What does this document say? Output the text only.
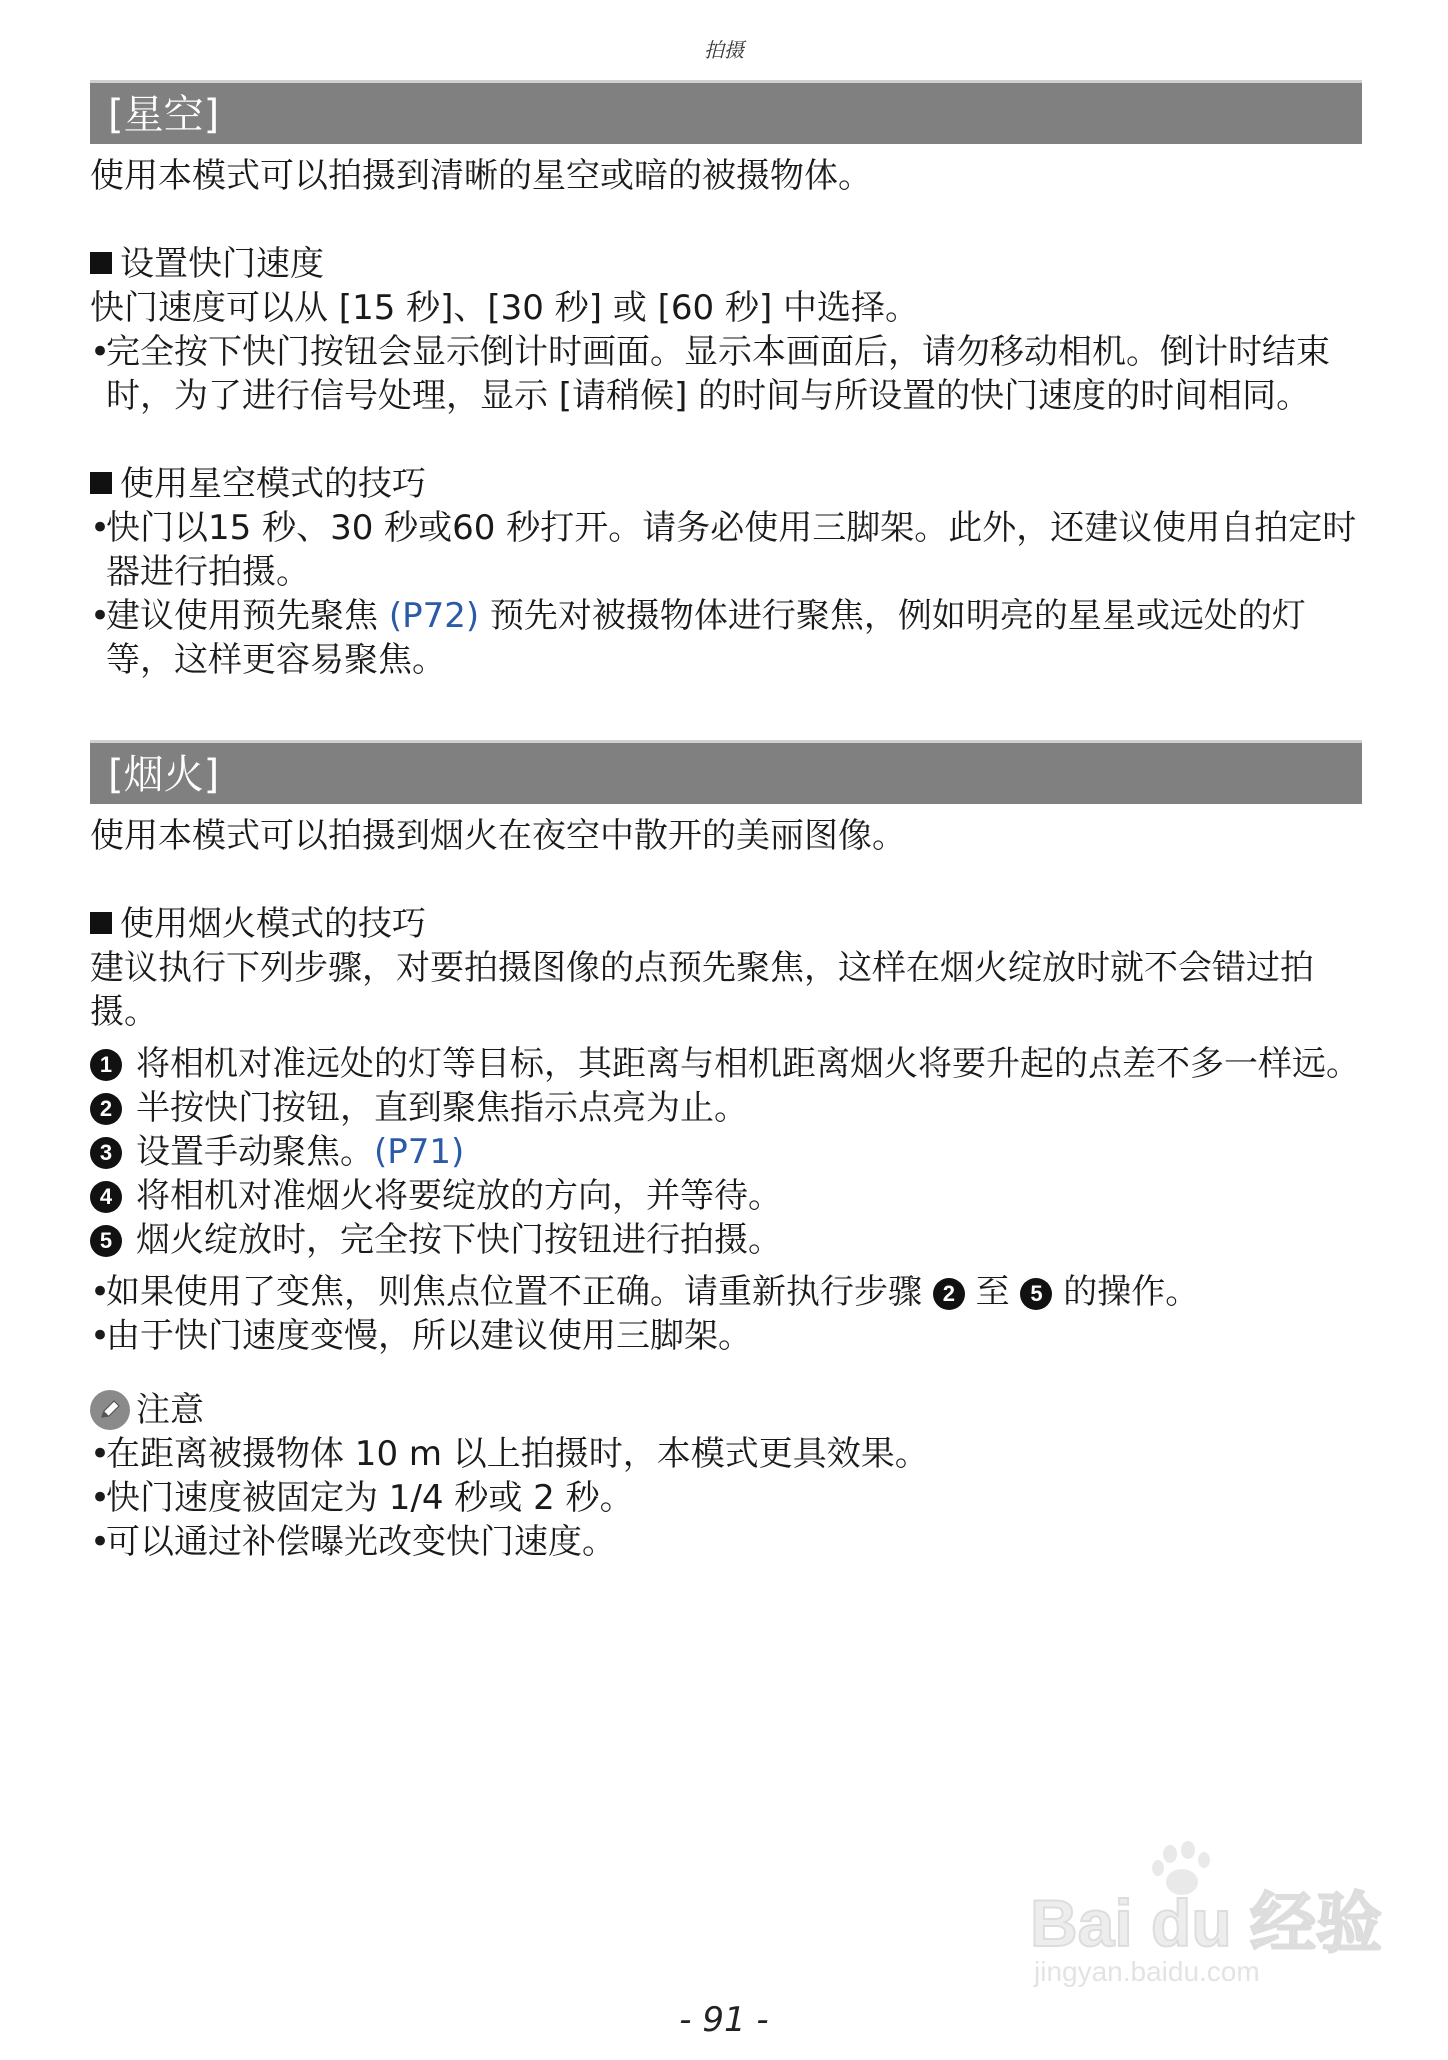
拍摄
[星空]

使用本模式可以拍摄到清晰的星空或暗的被摄物体。

设置快门速度

快门速度可以从 [15 秒]、[30 秒] 或 [60 秒] 中选择。

• 完全按下快门按钮会显示倒计时画面。显示本画面后，请勿移动相机。倒计时结束时，为了进行信号处理，显示 [请稍候] 的时间与所设置的快门速度的时间相同。
使用星空模式的技巧
• 快门以15 秒、30 秒或60 秒打开。请务必使用三脚架。此外，还建议使用自拍定时器进行拍摄。
• 建议使用预先聚焦 (P72) 预先对被摄物体进行聚焦，例如明亮的星星或远处的灯等，这样更容易聚焦。
[烟火]

使用本模式可以拍摄到烟火在夜空中散开的美丽图像。

使用烟火模式的技巧

建议执行下列步骤，对要拍摄图像的点预先聚焦，这样在烟火绽放时就不会错过拍摄。

1 将相机对准远处的灯等目标，其距离与相机距离烟火将要升起的点差不多一样远。
2 半按快门按钮，直到聚焦指示点亮为止。
3 设置手动聚焦。(P71)
4 将相机对准烟火将要绽放的方向，并等待。
5 烟火绽放时，完全按下快门按钮进行拍摄。
• 如果使用了变焦，则焦点位置不正确。请重新执行步骤 2 至 5 的操作。
• 由于快门速度变慢，所以建议使用三脚架。
注意
• 在距离被摄物体 10 m 以上拍摄时，本模式更具效果。
• 快门速度被固定为 1/4 秒或 2 秒。
• 可以通过补偿曝光改变快门速度。
Bai du 经验
jingyan.baidu.com
- 91 -
